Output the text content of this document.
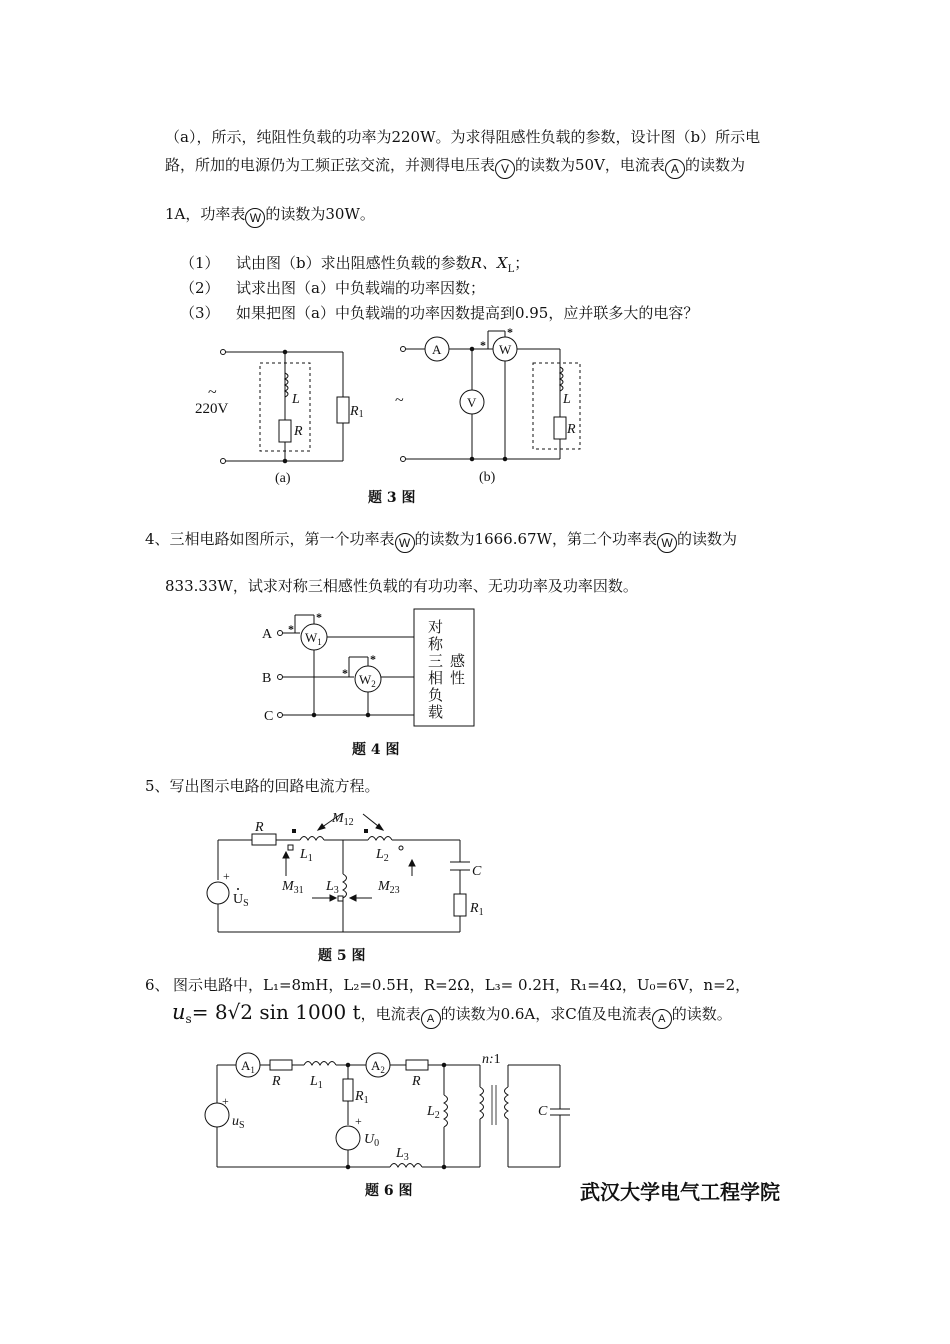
（a），所示，纯阻性负载的功率为220W。为求得阻感性负载的参数，设计图（b）所示电
路，所加的电源仍为工频正弦交流，并测得电压表 V 的读数为50V，电流表 A 的读数为
1A，功率表 W 的读数为30W。
（1） 试由图（b）求出阻感性负载的参数R、$X_L$；
（2） 试求出图（a）中负载端的功率因数；
（3） 如果把图（a）中负载端的功率因数提高到0.95，应并联多大的电容？
~
220V
L
R
R1
(a)
~
A
V
W
*
*
L
R
(b)
题 3 图
4、三相电路如图所示，第一个功率表 W 的读数为1666.67W，第二个功率表 W 的读数为
833.33W，试求对称三相感性负载的有功功率、无功功率及功率因数。
A
B
C
*
*
*
*
$W_1$
$W_2$
对
称
三
相
负
载
感
性
题 4 图
5、写出图示电路的回路电流方程。
R
$M_{12}$
$L_1$	$L_2$
$L_3$
$M_{31}$	$M_{23}$
C
$R_1$
+
$U_S$
题 5 图
6、 图示电路中，L₁=8mH，L₂=0.5H，R=2Ω，L₃= 0.2H，R₁=4Ω，U₀=6V，n=2，
$u_s= 8√2$ sin 1000 t，电流表 A 的读数为0.6A，求C值及电流表 A 的读数。
$A_1$	$A_2$
R $L_1$	R
$R_1$
+
$U_0$
$L_3$
$L_2$
+
$u_S$
n:1
C
题 6 图	武汉大学电气工程学院
